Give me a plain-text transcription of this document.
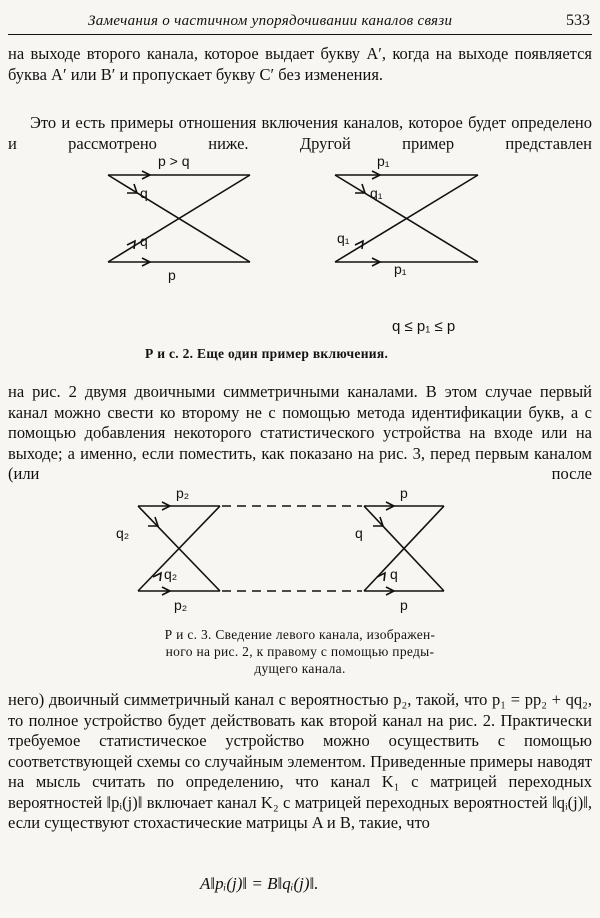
Замечания о частичном упорядочивании каналов связи	533
на выходе второго канала, которое выдает букву A′, когда на выходе появляется буква A′ или B′ и пропускает букву C′ без изменения.
Это и есть примеры отношения включения каналов, которое будет определено и рассмотрено ниже. Другой пример представлен
p > q
q
q
p
p₁
q₁
q₁
p₁
q ≤ p₁ ≤ p
Р и с. 2. Еще один пример включения.
на рис. 2 двумя двоичными симметричными каналами. В этом случае первый канал можно свести ко второму не с помощью метода идентификации букв, а с помощью добавления некоторого статистического устройства на входе или на выходе; а именно, если поместить, как показано на рис. 3, перед первым каналом (или после
p₂
q₂
q₂
p₂
p
q
q
p
Р и с. 3. Сведение левого канала, изображен-
ного на рис. 2, к правому с помощью преды-
дущего канала.
него) двоичный симметричный канал с вероятностью p₂, такой, что p₁ = pp₂ + qq₂, то полное устройство будет действовать как второй канал на рис. 2. Практически требуемое статистическое устройство можно осуществить с помощью соответствующей схемы со случайным элементом. Приведенные примеры наводят на мысль считать по определению, что канал K₁ с матрицей переходных вероятностей ‖pᵢ(j)‖ включает канал K₂ с матрицей переходных вероятностей ‖qᵢ(j)‖, если существуют стохастические матрицы A и B, такие, что
A‖pᵢ(j)‖ = B‖qᵢ(j)‖.
